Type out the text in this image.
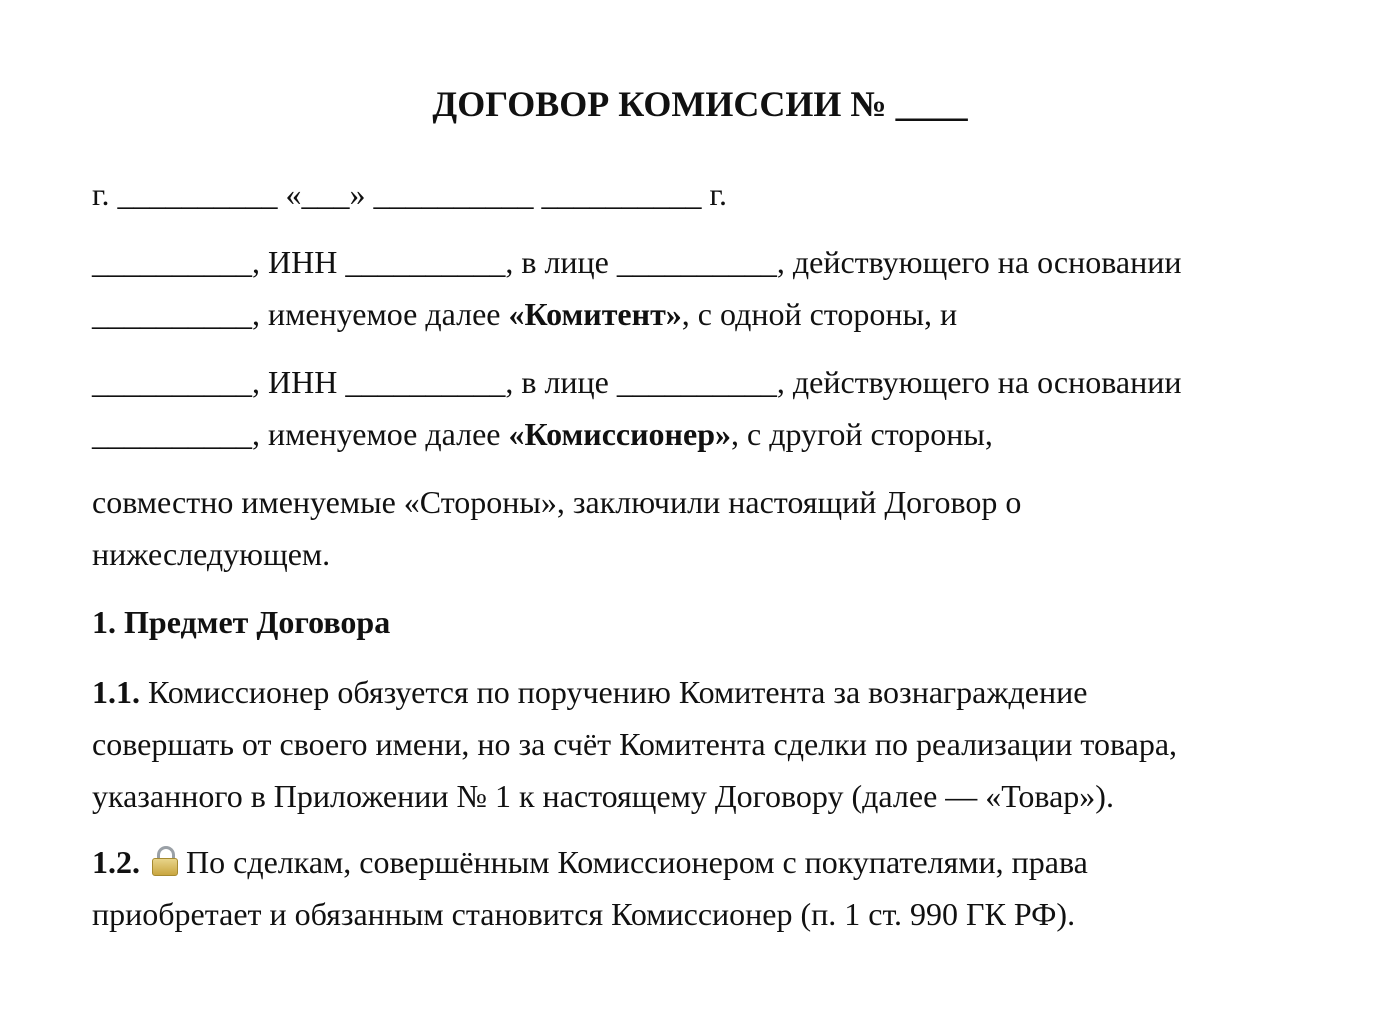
ДОГОВОР КОМИССИИ № ____

г. __________ «___» __________ __________ г.

__________, ИНН __________, в лице __________, действующего на основании
__________, именуемое далее «Комитент», с одной стороны, и

__________, ИНН __________, в лице __________, действующего на основании
__________, именуемое далее «Комиссионер», с другой стороны,

совместно именуемые «Стороны», заключили настоящий Договор о
нижеследующем.

1. Предмет Договора

1.1. Комиссионер обязуется по поручению Комитента за вознаграждение
совершать от своего имени, но за счёт Комитента сделки по реализации товара,
указанного в Приложении № 1 к настоящему Договору (далее — «Товар»).

1.2. По сделкам, совершённым Комиссионером с покупателями, права
приобретает и обязанным становится Комиссионер (п. 1 ст. 990 ГК РФ).
